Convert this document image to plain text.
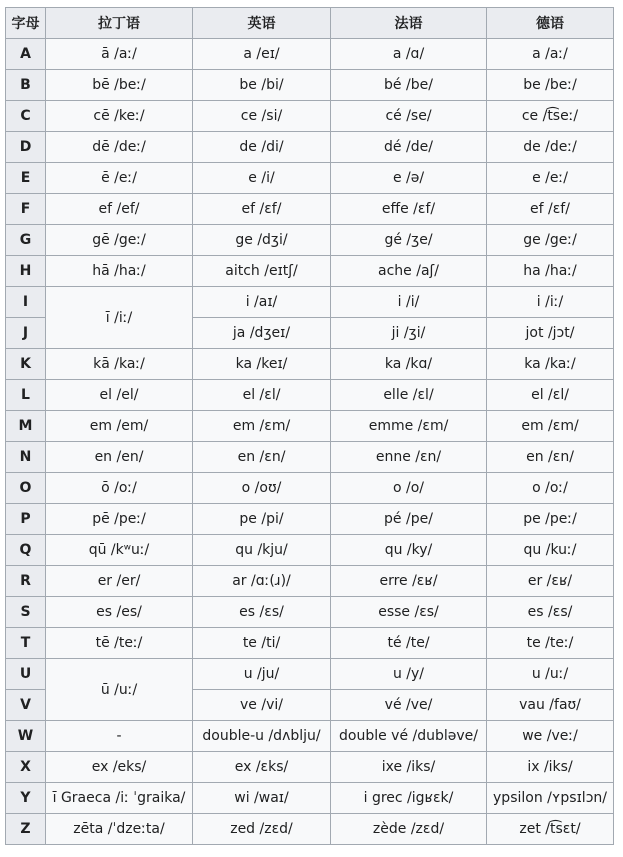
字母	拉丁语	英语	法语	德语
A	ā /aː/	a /eɪ/	a /ɑ/	a /aː/
B	bē /beː/	be /bi/	bé /be/	be /beː/
C	cē /keː/	ce /si/	cé /se/	ce /t͡seː/
D	dē /deː/	de /di/	dé /de/	de /deː/
E	ē /eː/	e /i/	e /ə/	e /eː/
F	ef /ef/	ef /ɛf/	effe /ɛf/	ef /ɛf/
G	gē /geː/	ge /dʒi/	gé /ʒe/	ge /geː/
H	hā /haː/	aitch /eɪtʃ/	ache /aʃ/	ha /haː/
I	ī /iː/	i /aɪ/	i /i/	i /iː/
J		ja /dʒeɪ/	ji /ʒi/	jot /jɔt/
K	kā /kaː/	ka /keɪ/	ka /kɑ/	ka /kaː/
L	el /el/	el /ɛl/	elle /ɛl/	el /ɛl/
M	em /em/	em /ɛm/	emme /ɛm/	em /ɛm/
N	en /en/	en /ɛn/	enne /ɛn/	en /ɛn/
O	ō /oː/	o /oʊ/	o /o/	o /oː/
P	pē /peː/	pe /pi/	pé /pe/	pe /peː/
Q	qū /kʷuː/	qu /kju/	qu /ky/	qu /kuː/
R	er /er/	ar /ɑː(ɹ)/	erre /ɛʁ/	er /ɛʁ/
S	es /es/	es /ɛs/	esse /ɛs/	es /ɛs/
T	tē /teː/	te /ti/	té /te/	te /teː/
U	ū /uː/	u /ju/	u /y/	u /uː/
V		ve /vi/	vé /ve/	vau /faʊ/
W	-	double-u /dʌblju/	double vé /dubləve/	we /veː/
X	ex /eks/	ex /ɛks/	ixe /iks/	ix /iks/
Y	ī Graeca /iː ˈgraika/	wi /waɪ/	i grec /igʁɛk/	ypsilon /ʏpsɪlɔn/
Z	zēta /ˈdzeːta/	zed /zɛd/	zède /zɛd/	zet /t͡sɛt/
